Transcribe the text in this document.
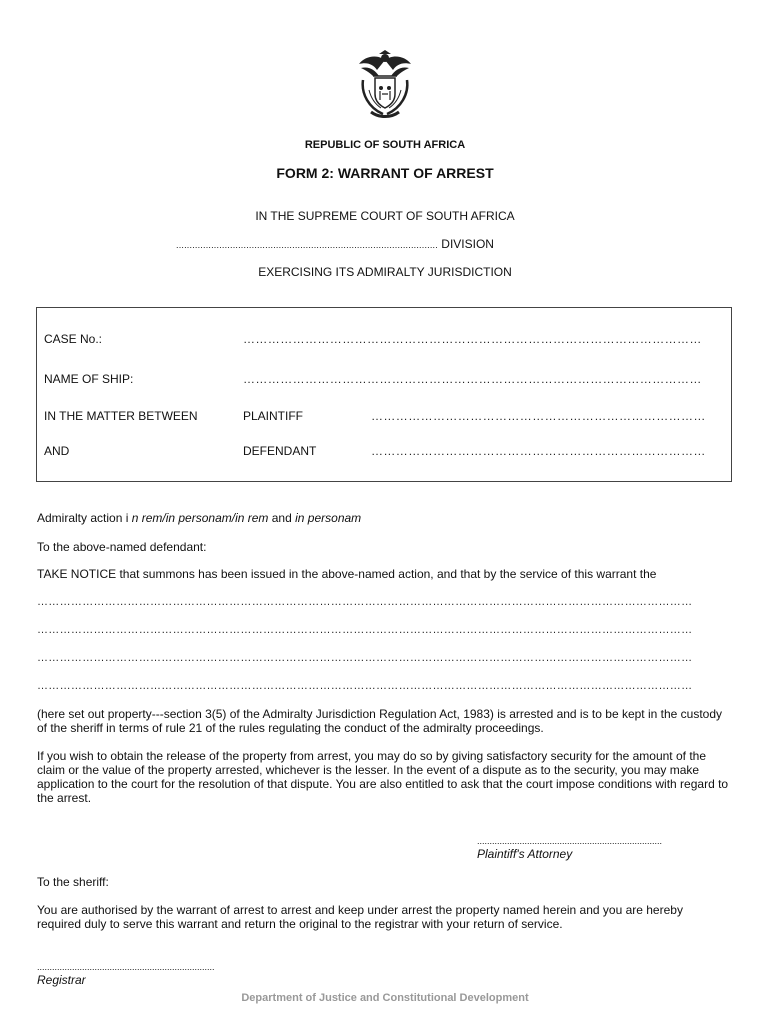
REPUBLIC OF SOUTH AFRICA
FORM 2: WARRANT OF ARREST
IN THE SUPREME COURT OF SOUTH AFRICA
................................................................................................. DIVISION
EXERCISING ITS ADMIRALTY JURISDICTION
CASE No.:	…………………………………………………………………………………………………
NAME OF SHIP:	…………………………………………………………………………………………………
IN THE MATTER BETWEEN	PLAINTIFF	………………………………………………………………………
AND	DEFENDANT	………………………………………………………………………
Admiralty action i n rem/in personam/in rem and in personam
To the above-named defendant:
TAKE NOTICE that summons has been issued in the above-named action, and that by the service of this warrant the
…………………………………………………………………………………………………………………………………………………………
…………………………………………………………………………………………………………………………………………………………
…………………………………………………………………………………………………………………………………………………………
…………………………………………………………………………………………………………………………………………………………
(here set out property---section 3(5) of the Admiralty Jurisdiction Regulation Act, 1983) is arrested and is to be kept in the custody of the sheriff in terms of rule 21 of the rules regulating the conduct of the admiralty proceedings.
If you wish to obtain the release of the property from arrest, you may do so by giving satisfactory security for the amount of the claim or the value of the property arrested, whichever is the lesser. In the event of a dispute as to the security, you may make application to the court for the resolution of that dispute. You are also entitled to ask that the court impose conditions with regard to the arrest.
..........................................................................
Plaintiff's Attorney
To the sheriff:
You are authorised by the warrant of arrest to arrest and keep under arrest the property named herein and you are hereby required duly to serve this warrant and return the original to the registrar with your return of service.
.......................................................................
Registrar
Department of Justice and Constitutional Development
